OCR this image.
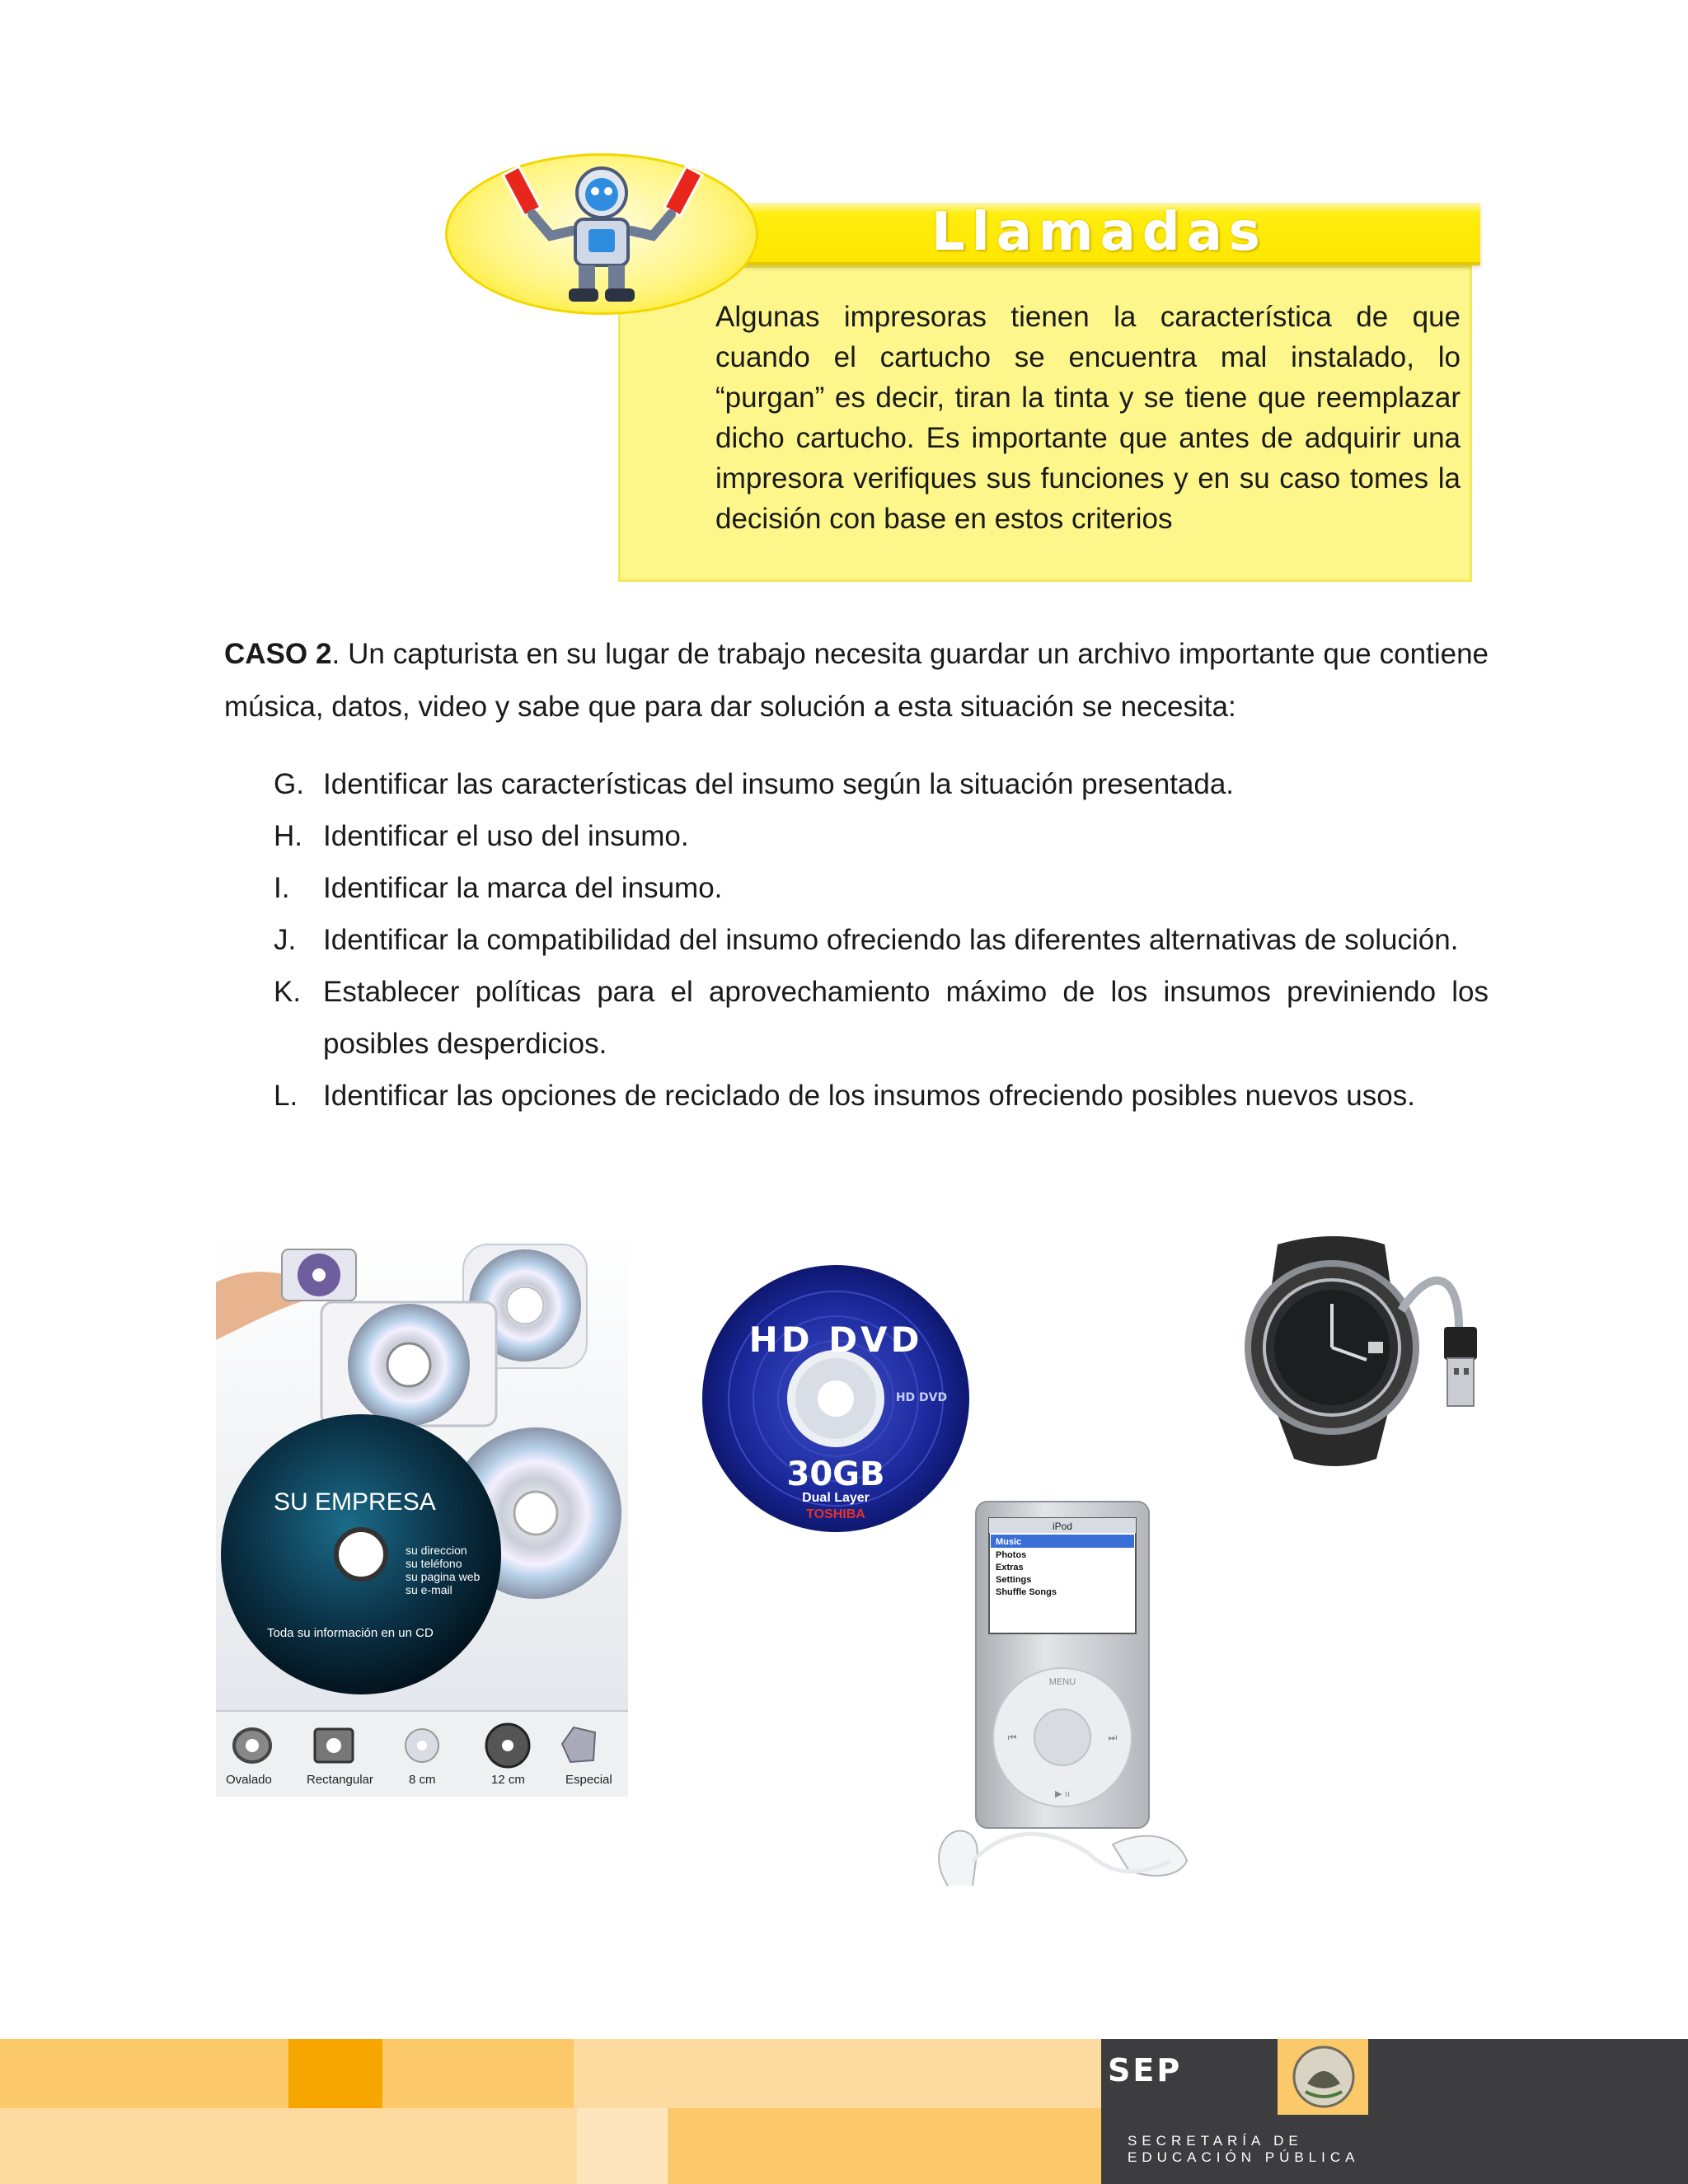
Llamadas
Algunas impresoras tienen la característica de que cuando el cartucho se encuentra mal instalado, lo “purgan” es decir, tiran la tinta y se tiene que reemplazar dicho cartucho. Es importante que antes de adquirir una impresora verifiques sus funciones y en su caso tomes la decisión con base en estos criterios
CASO 2. Un capturista en su lugar de trabajo necesita guardar un archivo importante que contiene música, datos, video y sabe que para dar solución a esta situación se necesita:
G. Identificar las características del insumo según la situación presentada.
H. Identificar el uso del insumo.
I.	Identificar la marca del insumo.
J. Identificar la compatibilidad del insumo ofreciendo las diferentes alternativas de solución.
K. Establecer políticas para el aprovechamiento máximo de los insumos previniendo los posibles desperdicios.
L. Identificar las opciones de reciclado de los insumos ofreciendo posibles nuevos usos.
SU EMPRESA
su direccion
su teléfono
su pagina web
su e-mail
Toda su información en un CD
Ovalado	Rectangular	8 cm	12 cm	Especial
HD DVD
HD DVD
30GB
Dual Layer
TOSHIBA
iPod
Music
Photos
Extras
Settings
Shuffle Songs
MENU
⏮	⏭
▶ ıı
SEP
SECRETARÍA DE
EDUCACIÓN PÚBLICA
